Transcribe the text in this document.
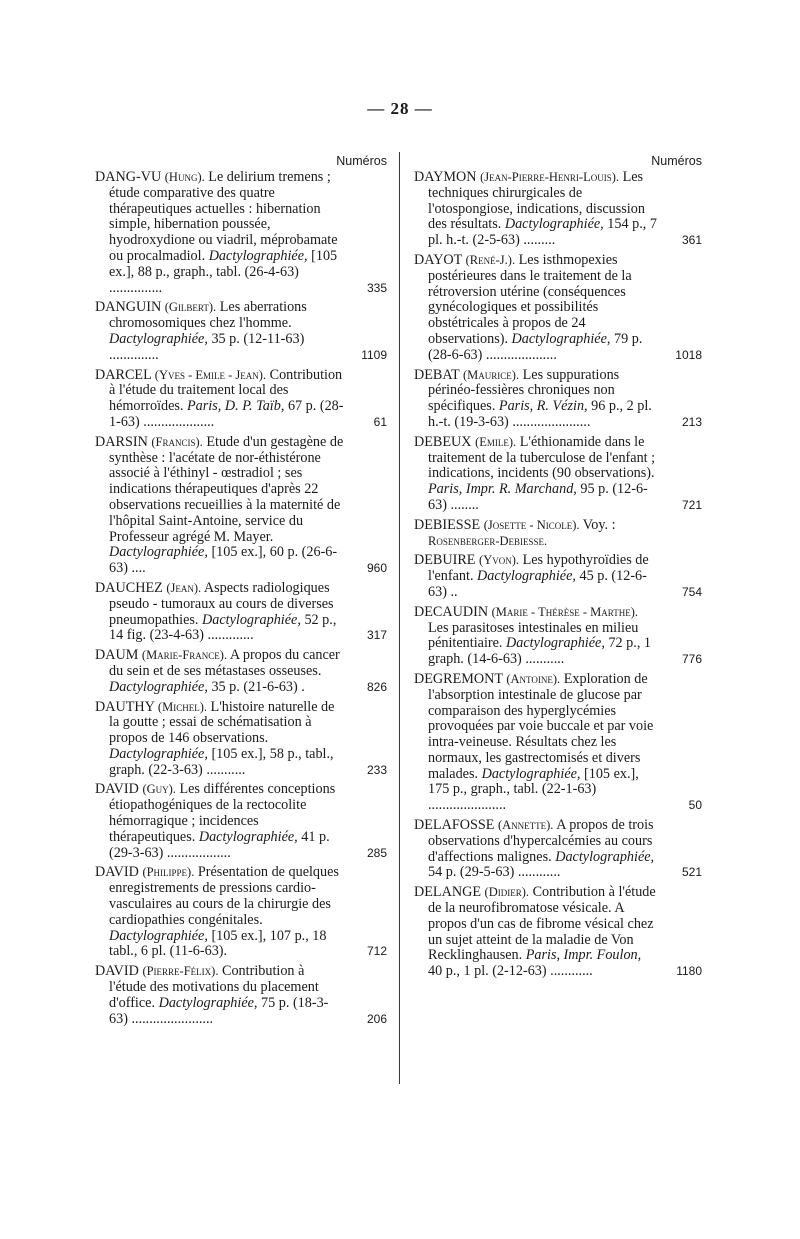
— 28 —
Numéros
DANG-VU (Hung). Le delirium tremens ; étude comparative des quatre thérapeutiques actuelles : hibernation simple, hibernation poussée, hyodroxydione ou viadril, méprobamate ou procalmadiol. Dactylographiée, [105 ex.], 88 p., graph., tabl. (26-4-63) ...............	335
DANGUIN (Gilbert). Les aberrations chromosomiques chez l'homme. Dactylographiée, 35 p. (12-11-63) ..............	1109
DARCEL (Yves - Emile - Jean). Contribution à l'étude du traitement local des hémorroïdes. Paris, D. P. Taïb, 67 p. (28-1-63) ....................	61
DARSIN (Francis). Etude d'un gestagène de synthèse : l'acétate de nor-éthistérone associé à l'éthinyl - œstradiol ; ses indications thérapeutiques d'après 22 observations recueillies à la maternité de l'hôpital Saint-Antoine, service du Professeur agrégé M. Mayer. Dactylographiée, [105 ex.], 60 p. (26-6-63) ....	960
DAUCHEZ (Jean). Aspects radiologiques pseudo - tumoraux au cours de diverses pneumopathies. Dactylographiée, 52 p., 14 fig. (23-4-63) .............	317
DAUM (Marie-France). A propos du cancer du sein et de ses métastases osseuses. Dactylographiée, 35 p. (21-6-63) .	826
DAUTHY (Michel). L'histoire naturelle de la goutte ; essai de schématisation à propos de 146 observations. Dactylographiée, [105 ex.], 58 p., tabl., graph. (22-3-63) ...........	233
DAVID (Guy). Les différentes conceptions étiopathogéniques de la rectocolite hémorragique ; incidences thérapeutiques. Dactylographiée, 41 p. (29-3-63) ..................	285
DAVID (Philippe). Présentation de quelques enregistrements de pressions cardio-vasculaires au cours de la chirurgie des cardiopathies congénitales. Dactylographiée, [105 ex.], 107 p., 18 tabl., 6 pl. (11-6-63).	712
DAVID (Pierre-Félix). Contribution à l'étude des motivations du placement d'office. Dactylographiée, 75 p. (18-3-63) .......................	206
Numéros
DAYMON (Jean-Pierre-Henri-Louis). Les techniques chirurgicales de l'otospongiose, indications, discussion des résultats. Dactylographiée, 154 p., 7 pl. h.-t. (2-5-63) .........	361
DAYOT (René-J.). Les isthmopexies postérieures dans le traitement de la rétroversion utérine (conséquences gynécologiques et possibilités obstétricales à propos de 24 observations). Dactylographiée, 79 p. (28-6-63) ....................	1018
DEBAT (Maurice). Les suppurations périnéo-fessières chroniques non spécifiques. Paris, R. Vézin, 96 p., 2 pl. h.-t. (19-3-63) ......................	213
DEBEUX (Emile). L'éthionamide dans le traitement de la tuberculose de l'enfant ; indications, incidents (90 observations). Paris, Impr. R. Marchand, 95 p. (12-6-63) ........	721
DEBIESSE (Josette - Nicole). Voy. : Rosenberger-Debiesse.
DEBUIRE (Yvon). Les hypothyroïdies de l'enfant. Dactylographiée, 45 p. (12-6-63) ..	754
DECAUDIN (Marie - Thérèse - Marthe). Les parasitoses intestinales en milieu pénitentiaire. Dactylographiée, 72 p., 1 graph. (14-6-63) ...........	776
DEGREMONT (Antoine). Exploration de l'absorption intestinale de glucose par comparaison des hyperglycémies provoquées par voie buccale et par voie intra-veineuse. Résultats chez les normaux, les gastrectomisés et divers malades. Dactylographiée, [105 ex.], 175 p., graph., tabl. (22-1-63) ......................	50
DELAFOSSE (Annette). A propos de trois observations d'hypercalcémies au cours d'affections malignes. Dactylographiée, 54 p. (29-5-63) ............	521
DELANGE (Didier). Contribution à l'étude de la neurofibromatose vésicale. A propos d'un cas de fibrome vésical chez un sujet atteint de la maladie de Von Recklinghausen. Paris, Impr. Foulon, 40 p., 1 pl. (2-12-63) ............	1180
